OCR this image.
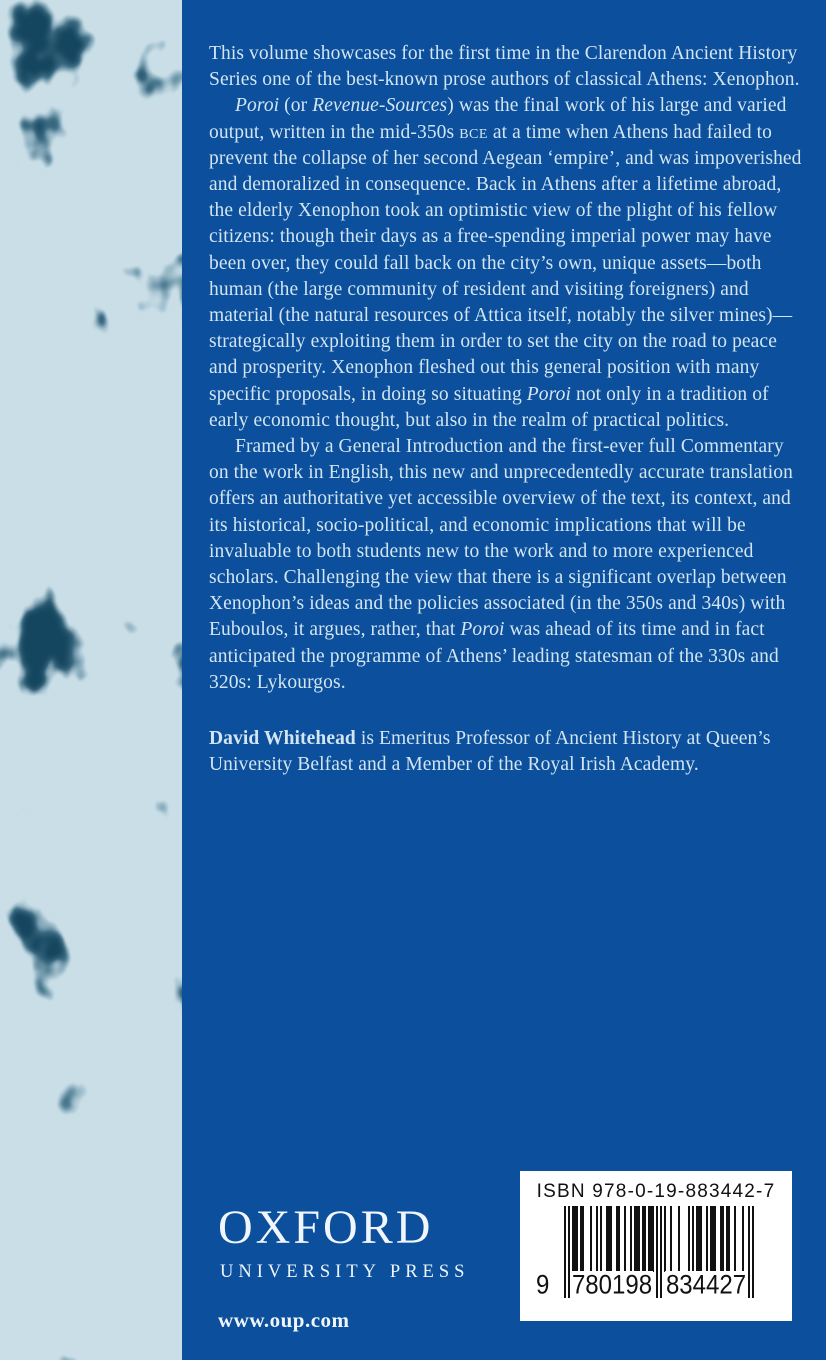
This volume showcases for the first time in the Clarendon Ancient History Series one of the best-known prose authors of classical Athens: Xenophon.

Poroi (or Revenue-Sources) was the final work of his large and varied output, written in the mid-350s bce at a time when Athens had failed to prevent the collapse of her second Aegean ‘empire’, and was impoverished and demoralized in consequence. Back in Athens after a lifetime abroad, the elderly Xenophon took an optimistic view of the plight of his fellow citizens: though their days as a free-spending imperial power may have been over, they could fall back on the city’s own, unique assets—both human (the large community of resident and visiting foreigners) and material (the natural resources of Attica itself, notably the silver mines)—strategically exploiting them in order to set the city on the road to peace and prosperity. Xenophon fleshed out this general position with many specific proposals, in doing so situating Poroi not only in a tradition of early economic thought, but also in the realm of practical politics.

Framed by a General Introduction and the first-ever full Commentary on the work in English, this new and unprecedentedly accurate translation offers an authoritative yet accessible overview of the text, its context, and its historical, socio-political, and economic implications that will be invaluable to both students new to the work and to more experienced scholars. Challenging the view that there is a significant overlap between Xenophon’s ideas and the policies associated (in the 350s and 340s) with Euboulos, it argues, rather, that Poroi was ahead of its time and in fact anticipated the programme of Athens’ leading statesman of the 330s and 320s: Lykourgos.

David Whitehead is Emeritus Professor of Ancient History at Queen’s University Belfast and a Member of the Royal Irish Academy.

OXFORD
UNIVERSITY PRESS
www.oup.com
ISBN 978-0-19-883442-7
9 780198 834427
